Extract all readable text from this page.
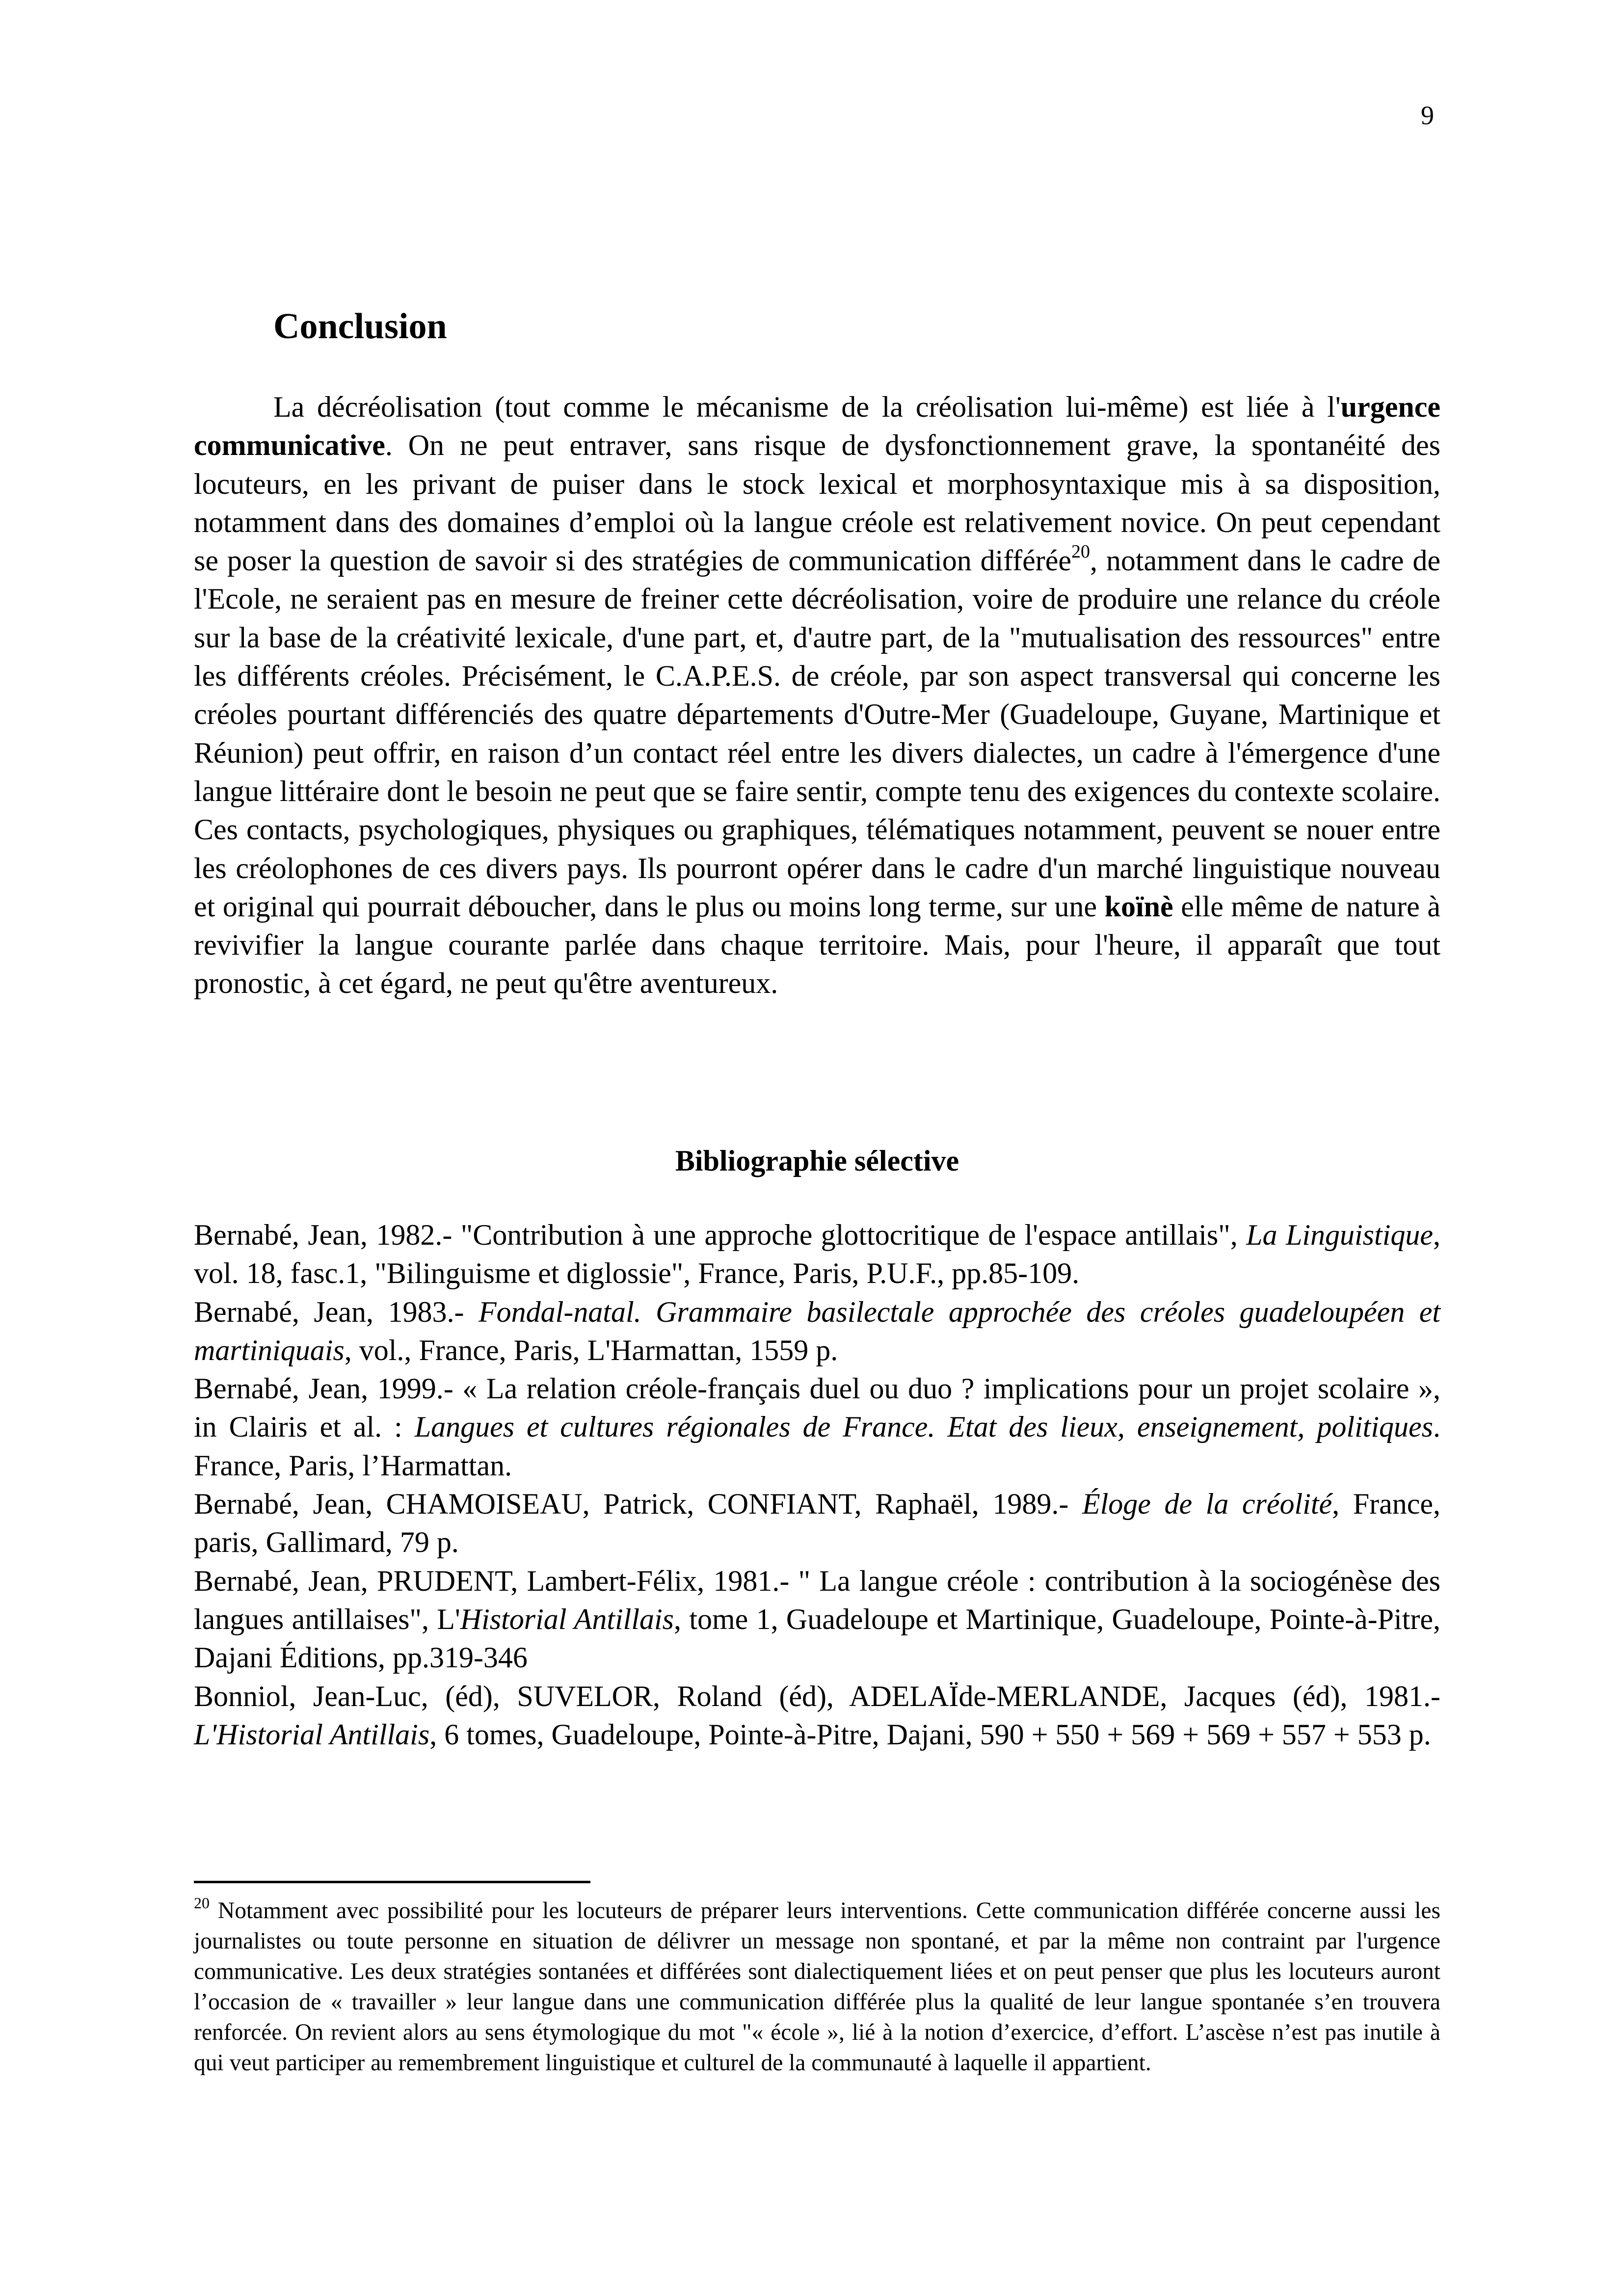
9
Conclusion

La décréolisation (tout comme le mécanisme de la créolisation lui-même) est liée à l'urgence communicative. On ne peut entraver, sans risque de dysfonctionnement grave, la spontanéité des locuteurs, en les privant de puiser dans le stock lexical et morphosyntaxique mis à sa disposition, notamment dans des domaines d’emploi où la langue créole est relativement novice. On peut cependant se poser la question de savoir si des stratégies de communication différée$^{20}$, notamment dans le cadre de l'Ecole, ne seraient pas en mesure de freiner cette décréolisation, voire de produire une relance du créole sur la base de la créativité lexicale, d'une part, et, d'autre part, de la "mutualisation des ressources" entre les différents créoles. Précisément, le C.A.P.E.S. de créole, par son aspect transversal qui concerne les créoles pourtant différenciés des quatre départements d'Outre-Mer (Guadeloupe, Guyane, Martinique et Réunion) peut offrir, en raison d’un contact réel entre les divers dialectes, un cadre à l'émergence d'une langue littéraire dont le besoin ne peut que se faire sentir, compte tenu des exigences du contexte scolaire. Ces contacts, psychologiques, physiques ou graphiques, télématiques notamment, peuvent se nouer entre les créolophones de ces divers pays. Ils pourront opérer dans le cadre d'un marché linguistique nouveau et original qui pourrait déboucher, dans le plus ou moins long terme, sur une koïnè elle même de nature à revivifier la langue courante parlée dans chaque territoire. Mais, pour l'heure, il apparaît que tout pronostic, à cet égard, ne peut qu'être aventureux.

Bibliographie sélective

Bernabé, Jean, 1982.- "Contribution à une approche glottocritique de l'espace antillais", La Linguistique, vol. 18, fasc.1, "Bilinguisme et diglossie", France, Paris, P.U.F., pp.85-109.

Bernabé, Jean, 1983.- Fondal-natal. Grammaire basilectale approchée des créoles guadeloupéen et martiniquais, vol., France, Paris, L'Harmattan, 1559 p.

Bernabé, Jean, 1999.- « La relation créole-français duel ou duo ? implications pour un projet scolaire », in Clairis et al. : Langues et cultures régionales de France. Etat des lieux, enseignement, politiques. France, Paris, l’Harmattan.

Bernabé, Jean, CHAMOISEAU, Patrick, CONFIANT, Raphaël, 1989.- Éloge de la créolité, France, paris, Gallimard, 79 p.

Bernabé, Jean, PRUDENT, Lambert-Félix, 1981.- " La langue créole : contribution à la sociogénèse des langues antillaises", L'Historial Antillais, tome 1, Guadeloupe et Martinique, Guadeloupe, Pointe-à-Pitre, Dajani Éditions, pp.319-346

Bonniol, Jean-Luc, (éd), SUVELOR, Roland (éd), ADELAÏde-MERLANDE, Jacques (éd), 1981.- L'Historial Antillais, 6 tomes, Guadeloupe, Pointe-à-Pitre, Dajani, 590 + 550 + 569 + 569 + 557 + 553 p.

$^{20}$ Notamment avec possibilité pour les locuteurs de préparer leurs interventions. Cette communication différée concerne aussi les journalistes ou toute personne en situation de délivrer un message non spontané, et par la même non contraint par l'urgence communicative. Les deux stratégies sontanées et différées sont dialectiquement liées et on peut penser que plus les locuteurs auront l’occasion de « travailler » leur langue dans une communication différée plus la qualité de leur langue spontanée s’en trouvera renforcée. On revient alors au sens étymologique du mot "« école », lié à la notion d’exercice, d’effort. L’ascèse n’est pas inutile à qui veut participer au remembrement linguistique et culturel de la communauté à laquelle il appartient.
